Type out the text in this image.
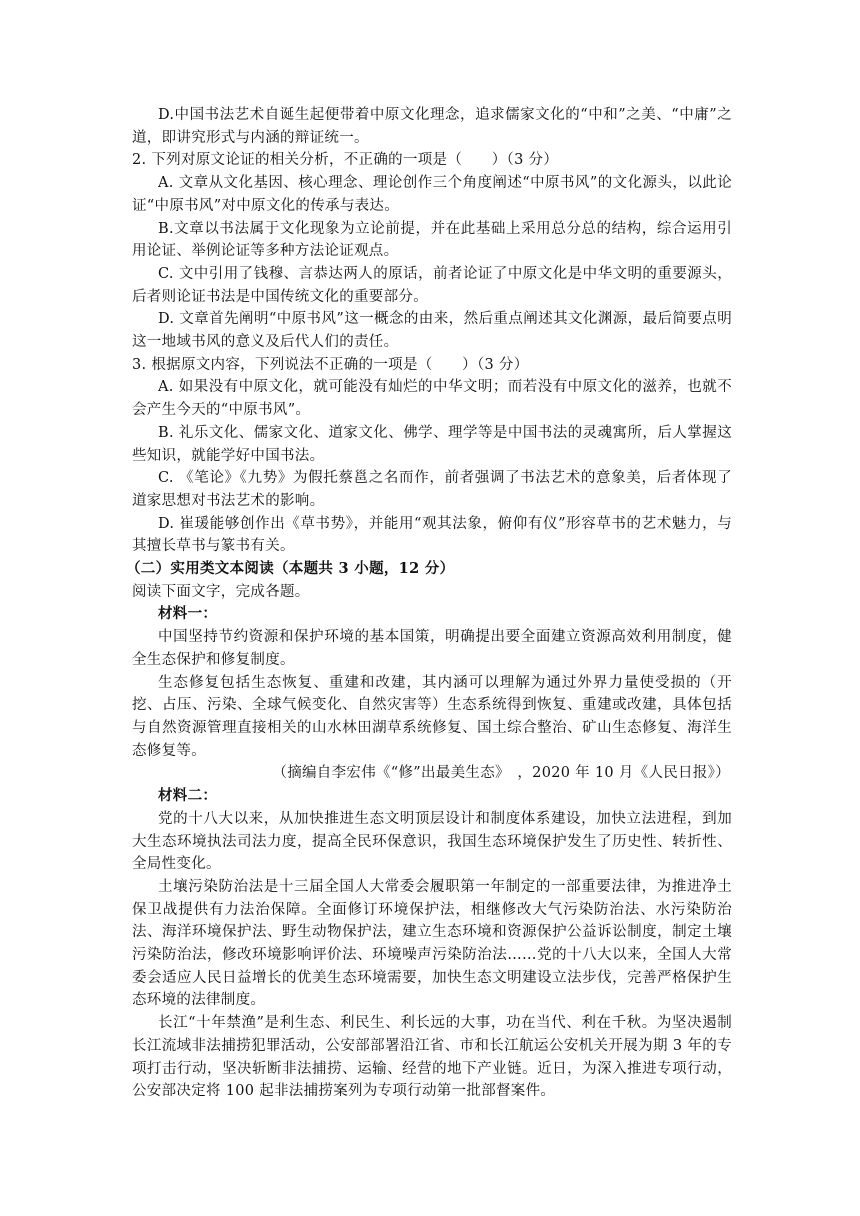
D.中国书法艺术自诞生起便带着中原文化理念，追求儒家文化的“中和”之美、“中庸”之道，即讲究形式与内涵的辩证统一。

2. 下列对原文论证的相关分析，不正确的一项是（　　）（3 分）

A. 文章从文化基因、核心理念、理论创作三个角度阐述“中原书风”的文化源头，以此论证“中原书风”对中原文化的传承与表达。

B.文章以书法属于文化现象为立论前提，并在此基础上采用总分总的结构，综合运用引用论证、举例论证等多种方法论证观点。

C. 文中引用了钱穆、言恭达两人的原话，前者论证了中原文化是中华文明的重要源头，后者则论证书法是中国传统文化的重要部分。

D. 文章首先阐明“中原书风”这一概念的由来，然后重点阐述其文化渊源，最后简要点明这一地域书风的意义及后代人们的责任。

3. 根据原文内容，下列说法不正确的一项是（　　）（3 分）

A. 如果没有中原文化，就可能没有灿烂的中华文明；而若没有中原文化的滋养，也就不会产生今天的“中原书风”。

B. 礼乐文化、儒家文化、道家文化、佛学、理学等是中国书法的灵魂寓所，后人掌握这些知识，就能学好中国书法。

C. 《笔论》《九势》为假托蔡邕之名而作，前者强调了书法艺术的意象美，后者体现了道家思想对书法艺术的影响。

D. 崔瑗能够创作出《草书势》，并能用“观其法象，俯仰有仪”形容草书的艺术魅力，与其擅长草书与篆书有关。

（二）实用类文本阅读（本题共 3 小题，12 分）

阅读下面文字，完成各题。

材料一：

中国坚持节约资源和保护环境的基本国策，明确提出要全面建立资源高效利用制度，健全生态保护和修复制度。

生态修复包括生态恢复、重建和改建，其内涵可以理解为通过外界力量使受损的（开挖、占压、污染、全球气候变化、自然灾害等）生态系统得到恢复、重建或改建，具体包括与自然资源管理直接相关的山水林田湖草系统修复、国土综合整治、矿山生态修复、海洋生态修复等。

（摘编自李宏伟《“修”出最美生态》　，2020 年 10 月《人民日报》）

材料二：

党的十八大以来，从加快推进生态文明顶层设计和制度体系建设，加快立法进程，到加大生态环境执法司法力度，提高全民环保意识，我国生态环境保护发生了历史性、转折性、全局性变化。

土壤污染防治法是十三届全国人大常委会履职第一年制定的一部重要法律，为推进净土保卫战提供有力法治保障。全面修订环境保护法，相继修改大气污染防治法、水污染防治法、海洋环境保护法、野生动物保护法，建立生态环境和资源保护公益诉讼制度，制定土壤污染防治法，修改环境影响评价法、环境噪声污染防治法……党的十八大以来，全国人大常委会适应人民日益增长的优美生态环境需要，加快生态文明建设立法步伐，完善严格保护生态环境的法律制度。

长江“十年禁渔”是利生态、利民生、利长远的大事，功在当代、利在千秋。为坚决遏制长江流域非法捕捞犯罪活动，公安部部署沿江省、市和长江航运公安机关开展为期 3 年的专项打击行动，坚决斩断非法捕捞、运输、经营的地下产业链。近日，为深入推进专项行动，公安部决定将 100 起非法捕捞案列为专项行动第一批部督案件。
